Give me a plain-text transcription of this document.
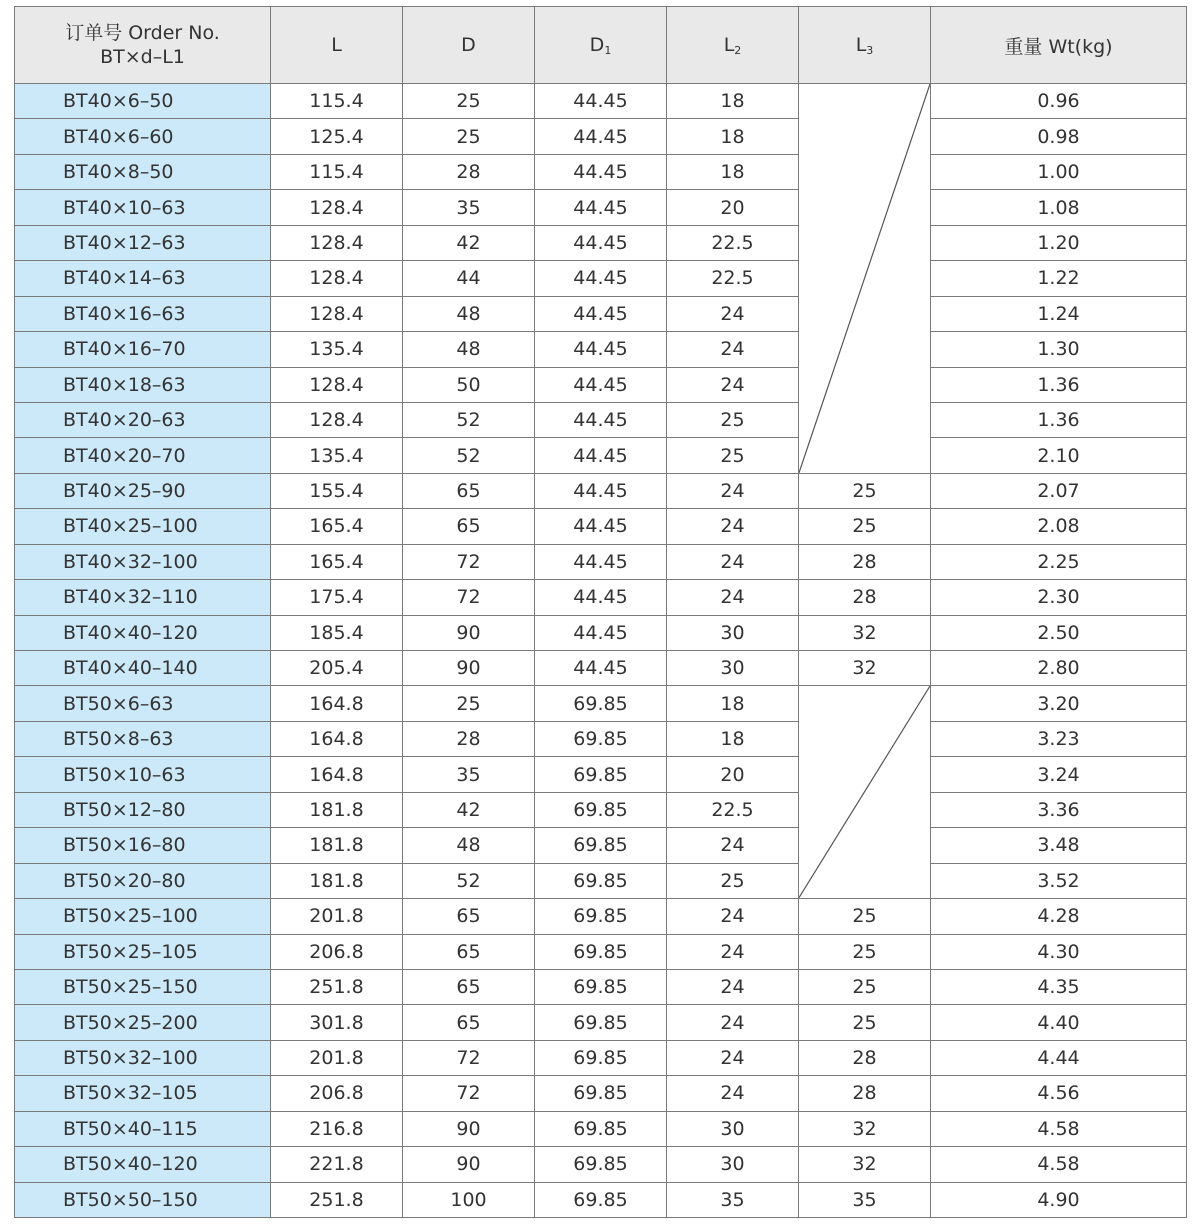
订单号 Order No.
BT×d–L1	L	D	$D_1$	$L_2$	$L_3$	重量 Wt(kg)
BT40×6–50	115.4	25	44.45	18		0.96
BT40×6–60	125.4	25	44.45	18		0.98
BT40×8–50	115.4	28	44.45	18		1.00
BT40×10–63	128.4	35	44.45	20		1.08
BT40×12–63	128.4	42	44.45	22.5		1.20
BT40×14–63	128.4	44	44.45	22.5		1.22
BT40×16–63	128.4	48	44.45	24		1.24
BT40×16–70	135.4	48	44.45	24		1.30
BT40×18–63	128.4	50	44.45	24		1.36
BT40×20–63	128.4	52	44.45	25		1.36
BT40×20–70	135.4	52	44.45	25		2.10
BT40×25–90	155.4	65	44.45	24	25	2.07
BT40×25–100	165.4	65	44.45	24	25	2.08
BT40×32–100	165.4	72	44.45	24	28	2.25
BT40×32–110	175.4	72	44.45	24	28	2.30
BT40×40–120	185.4	90	44.45	30	32	2.50
BT40×40–140	205.4	90	44.45	30	32	2.80
BT50×6–63	164.8	25	69.85	18		3.20
BT50×8–63	164.8	28	69.85	18		3.23
BT50×10–63	164.8	35	69.85	20		3.24
BT50×12–80	181.8	42	69.85	22.5		3.36
BT50×16–80	181.8	48	69.85	24		3.48
BT50×20–80	181.8	52	69.85	25		3.52
BT50×25–100	201.8	65	69.85	24	25	4.28
BT50×25–105	206.8	65	69.85	24	25	4.30
BT50×25–150	251.8	65	69.85	24	25	4.35
BT50×25–200	301.8	65	69.85	24	25	4.40
BT50×32–100	201.8	72	69.85	24	28	4.44
BT50×32–105	206.8	72	69.85	24	28	4.56
BT50×40–115	216.8	90	69.85	30	32	4.58
BT50×40–120	221.8	90	69.85	30	32	4.58
BT50×50–150	251.8	100	69.85	35	35	4.90
